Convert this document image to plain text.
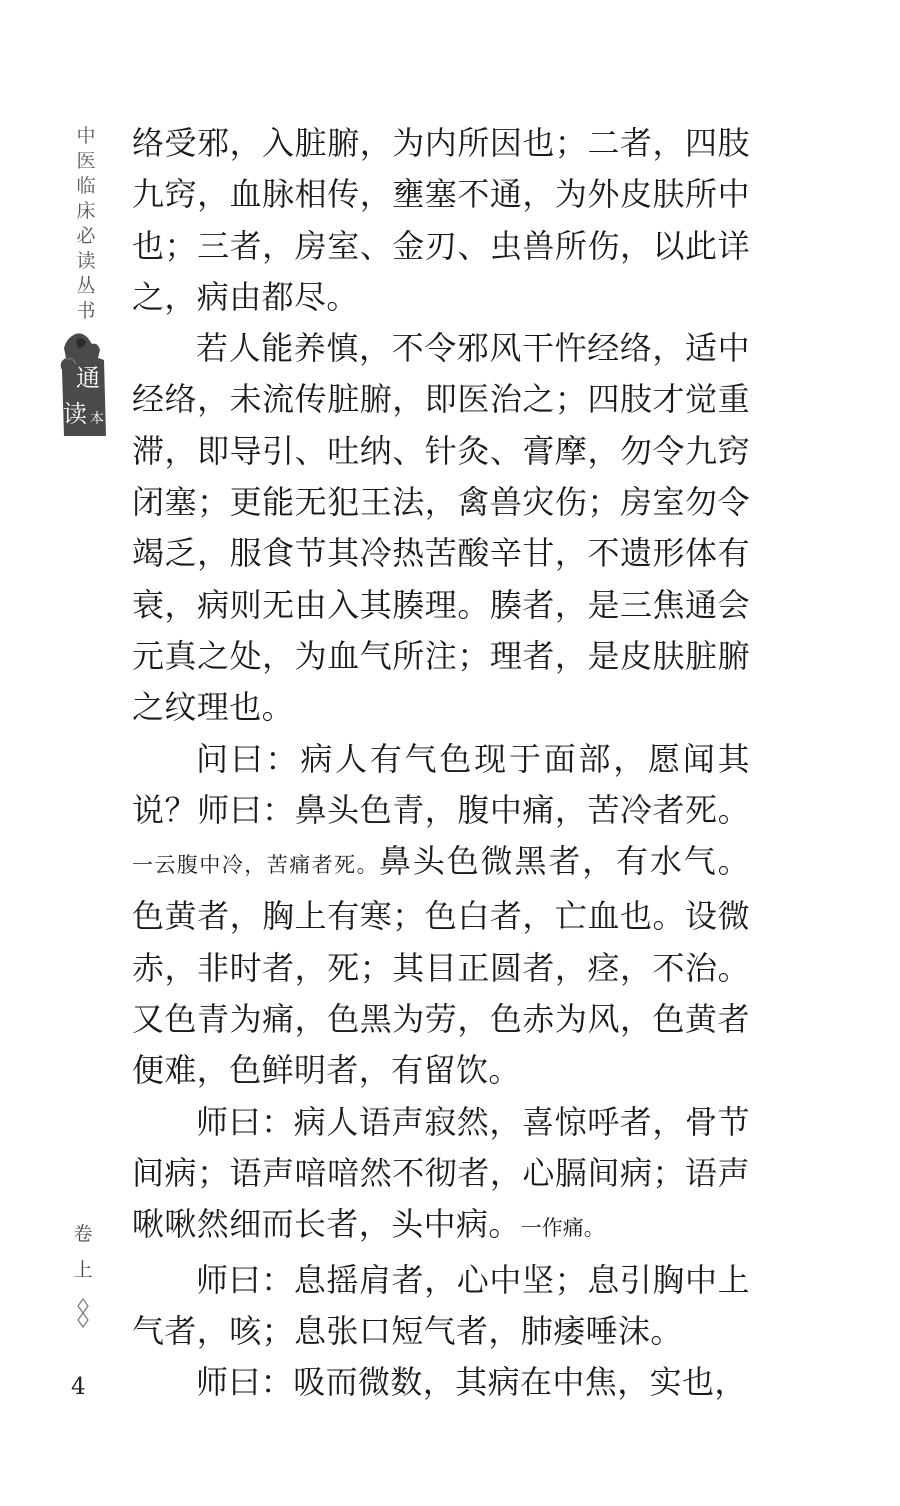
中
医
临
床
必
读
丛
书
通
读 本
卷
上
4

络受邪，入脏腑，为内所因也；二者，四肢九窍，血脉相传，壅塞不通，为外皮肤所中也；三者，房室、金刃、虫兽所伤，以此详之，病由都尽。

若人能养慎，不令邪风干忤经络，适中经络，未流传脏腑，即医治之；四肢才觉重滞，即导引、吐纳、针灸、膏摩，勿令九窍闭塞；更能无犯王法，禽兽灾伤；房室勿令竭乏，服食节其冷热苦酸辛甘，不遗形体有衰，病则无由入其腠理。腠者，是三焦通会元真之处，为血气所注；理者，是皮肤脏腑之纹理也。

问曰：病人有气色现于面部，愿闻其说？师曰：鼻头色青，腹中痛，苦冷者死。一云腹中冷，苦痛者死。鼻头色微黑者，有水气。色黄者，胸上有寒；色白者，亡血也。设微赤，非时者，死；其目正圆者，痉，不治。又色青为痛，色黑为劳，色赤为风，色黄者便难，色鲜明者，有留饮。

师曰：病人语声寂然，喜惊呼者，骨节间病；语声喑喑然不彻者，心膈间病；语声啾啾然细而长者，头中病。一作痛。

师曰：息摇肩者，心中坚；息引胸中上气者，咳；息张口短气者，肺痿唾沫。

师曰：吸而微数，其病在中焦，实也，
